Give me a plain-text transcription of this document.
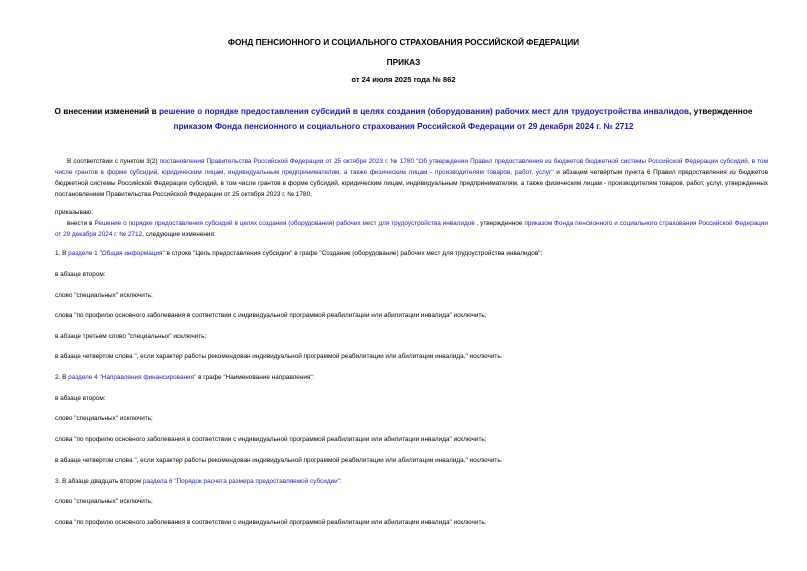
ФОНД ПЕНСИОННОГО И СОЦИАЛЬНОГО СТРАХОВАНИЯ РОССИЙСКОЙ ФЕДЕРАЦИИ
ПРИКАЗ
от 24 июля 2025 года № 862
О внесении изменений в решение о порядке предоставления субсидий в целях создания (оборудования) рабочих мест для трудоустройства инвалидов, утвержденное
приказом Фонда пенсионного и социального страхования Российской Федерации от 29 декабря 2024 г. № 2712
В соответствии с пунктом 3(2) постановления Правительства Российской Федерации от 25 октября 2023 г. № 1780 "Об утверждении Правил предоставления из бюджетов бюджетной системы Российской Федерации субсидий, в том числе грантов в форме субсидий, юридическим лицам, индивидуальным предпринимателям, а также физическим лицам - производителям товаров, работ, услуг" и абзацем четвертым пункта 6 Правил предоставления из бюджетов бюджетной системы Российской Федерации субсидий, в том числе грантов в форме субсидий, юридическим лицам, индивидуальным предпринимателям, а также физическим лицам - производителям товаров, работ, услуг, утвержденных постановлением Правительства Российской Федерации от 25 октября 2023 г. № 1780,
приказываю:
внести в Решение о порядке предоставления субсидий в целях создания (оборудования) рабочих мест для трудоустройства инвалидов , утвержденное приказом Фонда пенсионного и социального страхования Российской Федерации от 29 декабря 2024 г. № 2712, следующие изменения:
1. В разделе 1 "Общая информация" в строке "Цель предоставления субсидии" в графе "Создание (оборудование) рабочих мест для трудоустройства инвалидов":
в абзаце втором:
слово "специальных" исключить;
слова "по профилю основного заболевания в соответствии с индивидуальной программой реабилитации или абилитации инвалида" исключить;
в абзаце третьем слово "специальных" исключить;
в абзаце четвертом слова ", если характер работы рекомендован индивидуальной программой реабилитации или абилитации инвалида," исключить.
2. В разделе 4 "Направления финансирования" в графе "Наименование направления":
в абзаце втором:
слово "специальных" исключить;
слова "по профилю основного заболевания в соответствии с индивидуальной программой реабилитации или абилитации инвалида" исключить;
в абзаце четвертом слова ", если характер работы рекомендован индивидуальной программой реабилитации или абилитации инвалида," исключить.
3. В абзаце двадцать втором раздела 6 "Порядок расчета размера предоставляемой субсидии":
слово "специальных" исключить;
слова "по профилю основного заболевания в соответствии с индивидуальной программой реабилитации или абилитации инвалида" исключить.
